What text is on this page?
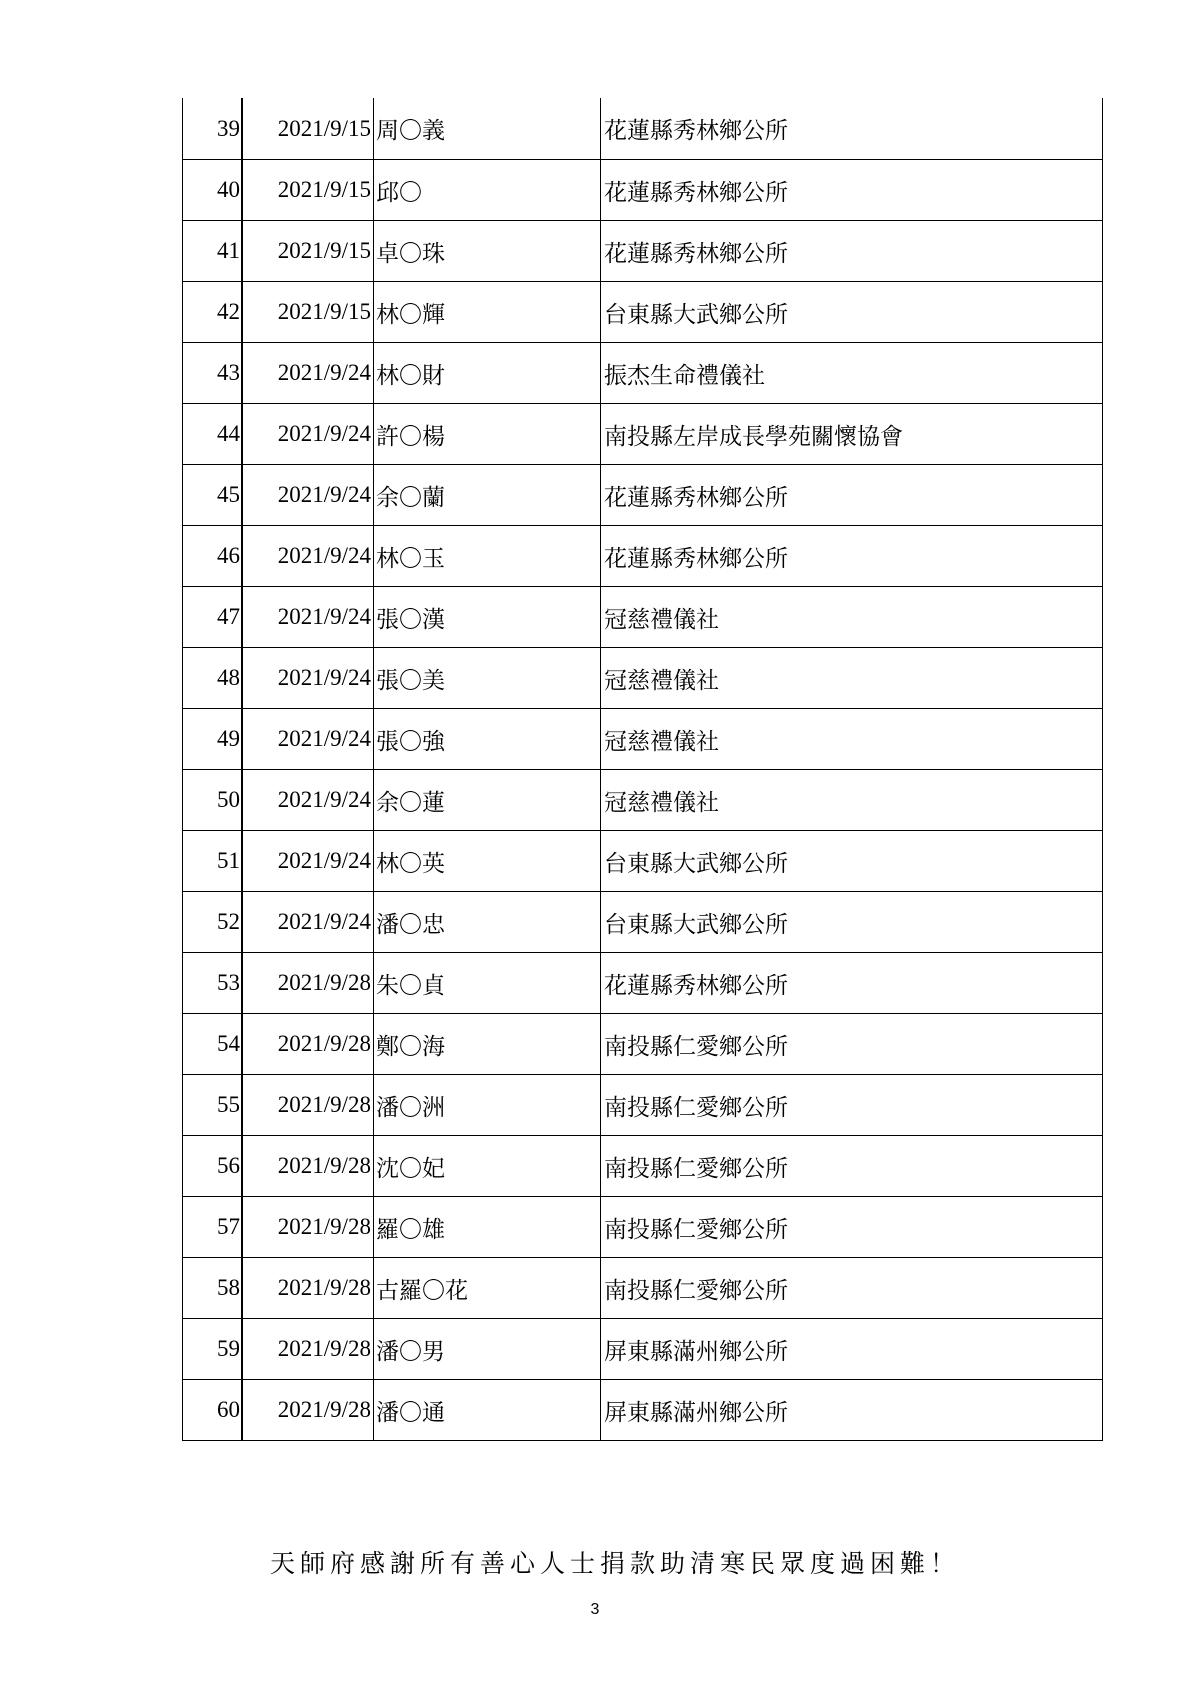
39	2021/9/15	周〇義	花蓮縣秀林鄉公所
40	2021/9/15	邱〇	花蓮縣秀林鄉公所
41	2021/9/15	卓〇珠	花蓮縣秀林鄉公所
42	2021/9/15	林〇輝	台東縣大武鄉公所
43	2021/9/24	林〇財	振杰生命禮儀社
44	2021/9/24	許〇楊	南投縣左岸成長學苑關懷協會
45	2021/9/24	余〇蘭	花蓮縣秀林鄉公所
46	2021/9/24	林〇玉	花蓮縣秀林鄉公所
47	2021/9/24	張〇漢	冠慈禮儀社
48	2021/9/24	張〇美	冠慈禮儀社
49	2021/9/24	張〇強	冠慈禮儀社
50	2021/9/24	余〇蓮	冠慈禮儀社
51	2021/9/24	林〇英	台東縣大武鄉公所
52	2021/9/24	潘〇忠	台東縣大武鄉公所
53	2021/9/28	朱〇貞	花蓮縣秀林鄉公所
54	2021/9/28	鄭〇海	南投縣仁愛鄉公所
55	2021/9/28	潘〇洲	南投縣仁愛鄉公所
56	2021/9/28	沈〇妃	南投縣仁愛鄉公所
57	2021/9/28	羅〇雄	南投縣仁愛鄉公所
58	2021/9/28	古羅〇花	南投縣仁愛鄉公所
59	2021/9/28	潘〇男	屏東縣滿州鄉公所
60	2021/9/28	潘〇通	屏東縣滿州鄉公所
天師府感謝所有善心人士捐款助清寒民眾度過困難！
3
